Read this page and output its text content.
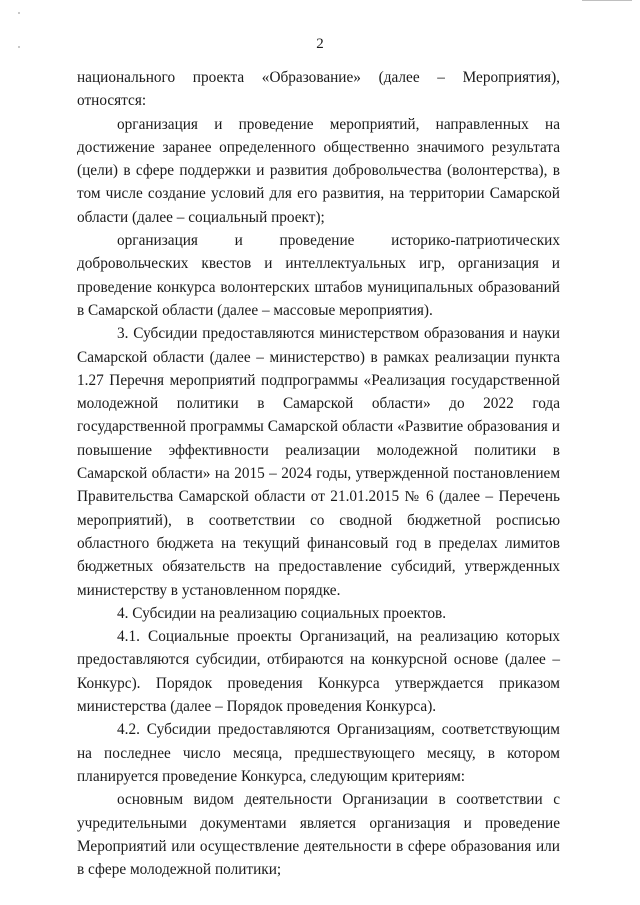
2

национального проекта «Образование» (далее – Мероприятия), относятся:

организация и проведение мероприятий, направленных на достижение заранее определенного общественно значимого результата (цели) в сфере поддержки и развития добровольчества (волонтерства), в том числе создание условий для его развития, на территории Самарской области (далее – социальный проект);

организация и проведение историко-патриотических добровольческих квестов и интеллектуальных игр, организация и проведение конкурса волонтерских штабов муниципальных образований в Самарской области (далее – массовые мероприятия).

3. Субсидии предоставляются министерством образования и науки Самарской области (далее – министерство) в рамках реализации пункта 1.27 Перечня мероприятий подпрограммы «Реализация государственной молодежной политики в Самарской области» до 2022 года государственной программы Самарской области «Развитие образования и повышение эффективности реализации молодежной политики в Самарской области» на 2015 – 2024 годы, утвержденной постановлением Правительства Самарской области от 21.01.2015 № 6 (далее – Перечень мероприятий), в соответствии со сводной бюджетной росписью областного бюджета на текущий финансовый год в пределах лимитов бюджетных обязательств на предоставление субсидий, утвержденных министерству в установленном порядке.

4. Субсидии на реализацию социальных проектов.

4.1. Социальные проекты Организаций, на реализацию которых предоставляются субсидии, отбираются на конкурсной основе (далее – Конкурс). Порядок проведения Конкурса утверждается приказом министерства (далее – Порядок проведения Конкурса).

4.2. Субсидии предоставляются Организациям, соответствующим на последнее число месяца, предшествующего месяцу, в котором планируется проведение Конкурса, следующим критериям:

основным видом деятельности Организации в соответствии с учредительными документами является организация и проведение Мероприятий или осуществление деятельности в сфере образования или в сфере молодежной политики;
